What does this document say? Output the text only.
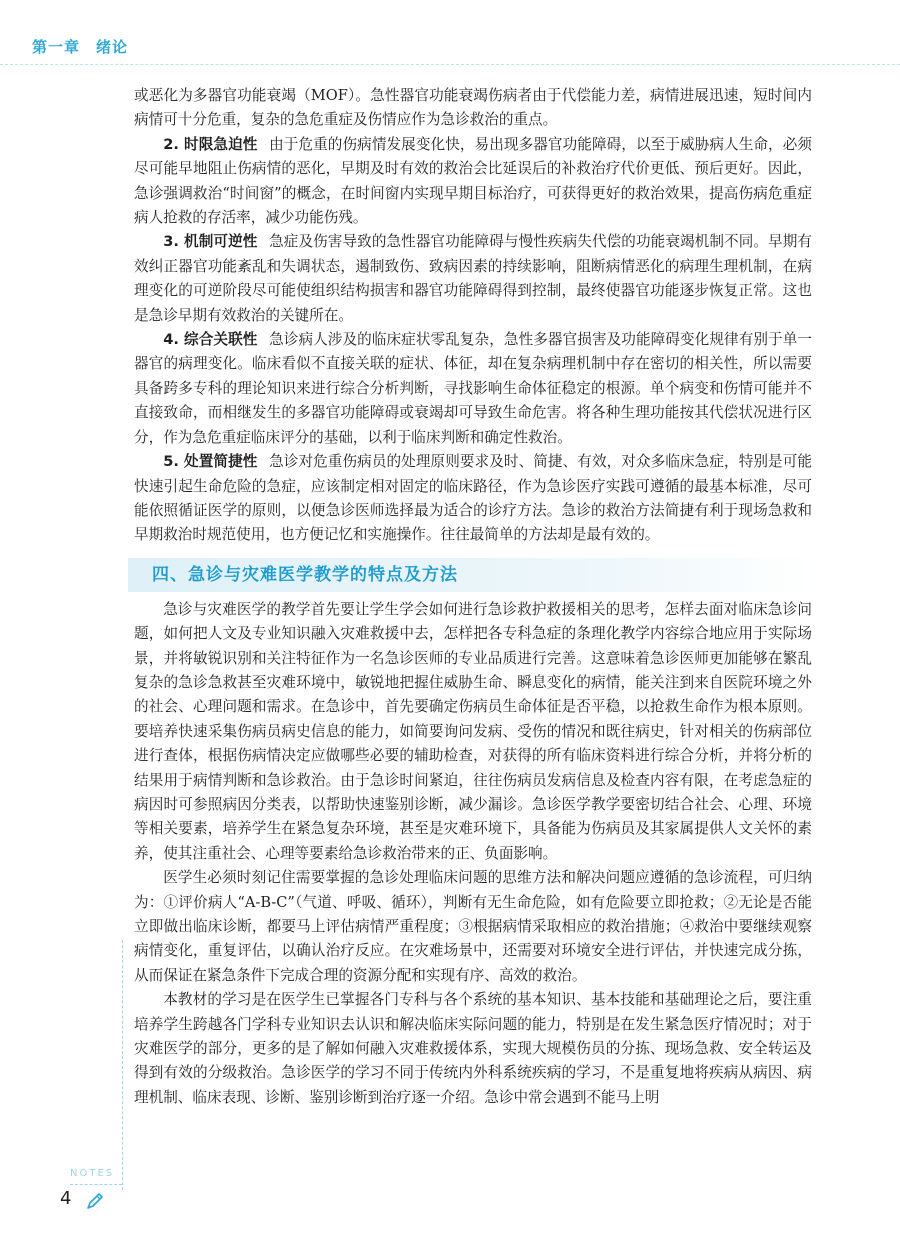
第一章　绪论

或恶化为多器官功能衰竭（MOF）。急性器官功能衰竭伤病者由于代偿能力差，病情进展迅速，短时间内病情可十分危重，复杂的急危重症及伤情应作为急诊救治的重点。

2. 时限急迫性 由于危重的伤病情发展变化快，易出现多器官功能障碍，以至于威胁病人生命，必须尽可能早地阻止伤病情的恶化，早期及时有效的救治会比延误后的补救治疗代价更低、预后更好。因此，急诊强调救治“时间窗”的概念，在时间窗内实现早期目标治疗，可获得更好的救治效果，提高伤病危重症病人抢救的存活率，减少功能伤残。

3. 机制可逆性 急症及伤害导致的急性器官功能障碍与慢性疾病失代偿的功能衰竭机制不同。早期有效纠正器官功能紊乱和失调状态，遏制致伤、致病因素的持续影响，阻断病情恶化的病理生理机制，在病理变化的可逆阶段尽可能使组织结构损害和器官功能障碍得到控制，最终使器官功能逐步恢复正常。这也是急诊早期有效救治的关键所在。

4. 综合关联性 急诊病人涉及的临床症状零乱复杂，急性多器官损害及功能障碍变化规律有别于单一器官的病理变化。临床看似不直接关联的症状、体征，却在复杂病理机制中存在密切的相关性，所以需要具备跨多专科的理论知识来进行综合分析判断，寻找影响生命体征稳定的根源。单个病变和伤情可能并不直接致命，而相继发生的多器官功能障碍或衰竭却可导致生命危害。将各种生理功能按其代偿状况进行区分，作为急危重症临床评分的基础，以利于临床判断和确定性救治。

5. 处置简捷性 急诊对危重伤病员的处理原则要求及时、简捷、有效，对众多临床急症，特别是可能快速引起生命危险的急症，应该制定相对固定的临床路径，作为急诊医疗实践可遵循的最基本标准，尽可能依照循证医学的原则，以便急诊医师选择最为适合的诊疗方法。急诊的救治方法简捷有利于现场急救和早期救治时规范使用，也方便记忆和实施操作。往往最简单的方法却是最有效的。

四、急诊与灾难医学教学的特点及方法

急诊与灾难医学的教学首先要让学生学会如何进行急诊救护救援相关的思考，怎样去面对临床急诊问题，如何把人文及专业知识融入灾难救援中去，怎样把各专科急症的条理化教学内容综合地应用于实际场景，并将敏锐识别和关注特征作为一名急诊医师的专业品质进行完善。这意味着急诊医师更加能够在繁乱复杂的急诊急救甚至灾难环境中，敏锐地把握住威胁生命、瞬息变化的病情，能关注到来自医院环境之外的社会、心理问题和需求。在急诊中，首先要确定伤病员生命体征是否平稳，以抢救生命作为根本原则。要培养快速采集伤病员病史信息的能力，如简要询问发病、受伤的情况和既往病史，针对相关的伤病部位进行查体，根据伤病情决定应做哪些必要的辅助检查，对获得的所有临床资料进行综合分析，并将分析的结果用于病情判断和急诊救治。由于急诊时间紧迫，往往伤病员发病信息及检查内容有限，在考虑急症的病因时可参照病因分类表，以帮助快速鉴别诊断，减少漏诊。急诊医学教学要密切结合社会、心理、环境等相关要素，培养学生在紧急复杂环境，甚至是灾难环境下，具备能为伤病员及其家属提供人文关怀的素养，使其注重社会、心理等要素给急诊救治带来的正、负面影响。

医学生必须时刻记住需要掌握的急诊处理临床问题的思维方法和解决问题应遵循的急诊流程，可归纳为：①评价病人“A-B-C”（气道、呼吸、循环），判断有无生命危险，如有危险要立即抢救；②无论是否能立即做出临床诊断，都要马上评估病情严重程度；③根据病情采取相应的救治措施；④救治中要继续观察病情变化，重复评估，以确认治疗反应。在灾难场景中，还需要对环境安全进行评估，并快速完成分拣，从而保证在紧急条件下完成合理的资源分配和实现有序、高效的救治。

本教材的学习是在医学生已掌握各门专科与各个系统的基本知识、基本技能和基础理论之后，要注重培养学生跨越各门学科专业知识去认识和解决临床实际问题的能力，特别是在发生紧急医疗情况时；对于灾难医学的部分，更多的是了解如何融入灾难救援体系，实现大规模伤员的分拣、现场急救、安全转运及得到有效的分级救治。急诊医学的学习不同于传统内外科系统疾病的学习，不是重复地将疾病从病因、病理机制、临床表现、诊断、鉴别诊断到治疗逐一介绍。急诊中常会遇到不能马上明

NOTES
4
